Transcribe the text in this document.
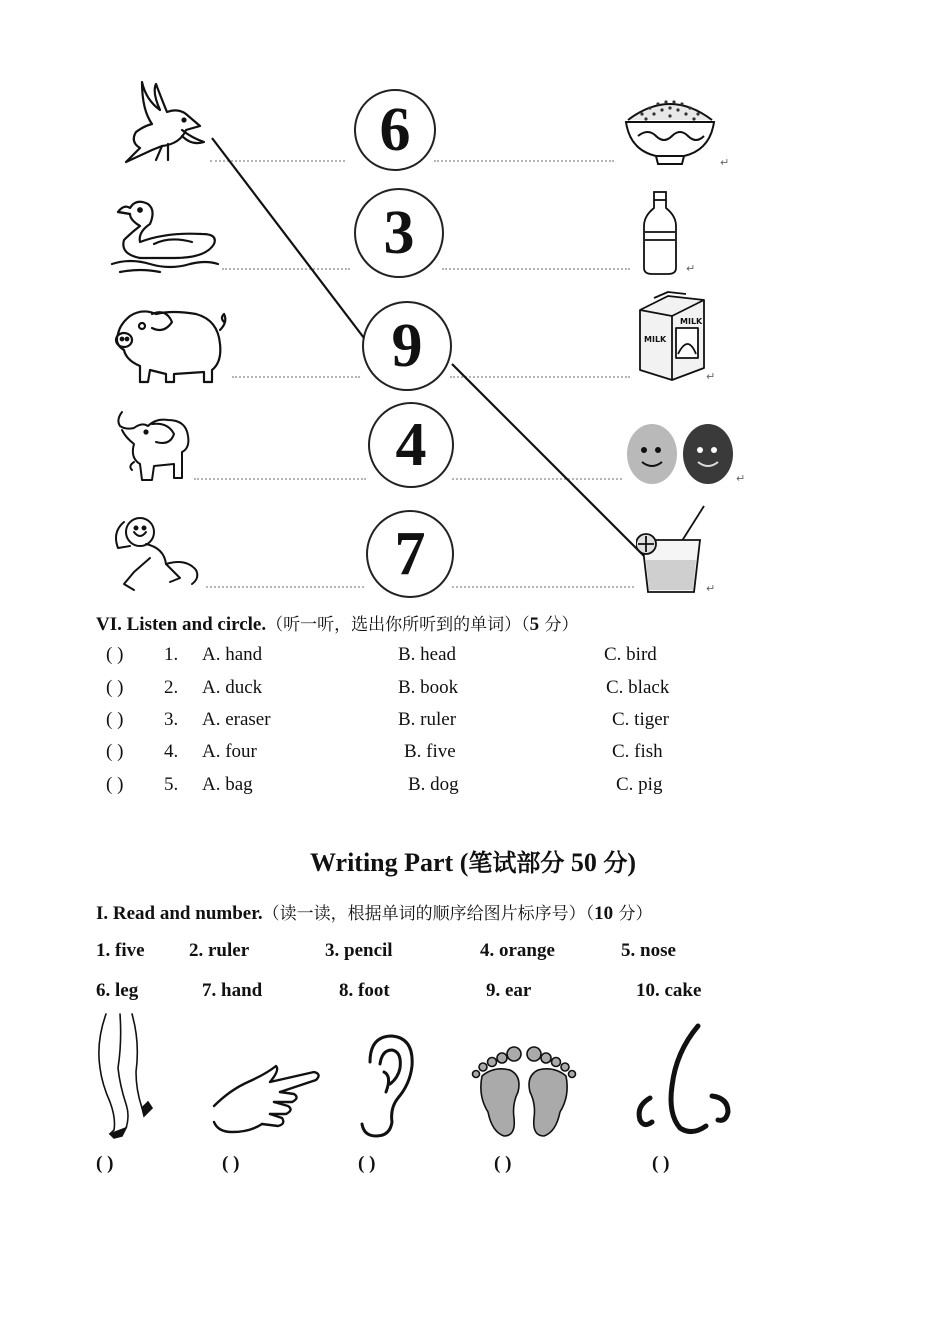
6	↵
3
↵
9	MILK
MILK
↵
4	↵
7
↵
VI. Listen and circle.（听一听，选出你所听到的单词）（5 分）
( ) 1. A. hand	B. head	C. bird
( ) 2. A. duck	B. book	C. black
( ) 3. A. eraser	B. ruler	C. tiger
( ) 4. A. four	B. five	C. fish
( ) 5. A. bag	B. dog	C. pig
Writing Part (笔试部分 50 分)
I. Read and number.（读一读，根据单词的顺序给图片标序号）（10 分）
1. five 2. ruler	3. pencil	4. orange	5. nose
6. leg	7. hand	8. foot	9. ear	10. cake
( )	( )	( )	( )	( )
